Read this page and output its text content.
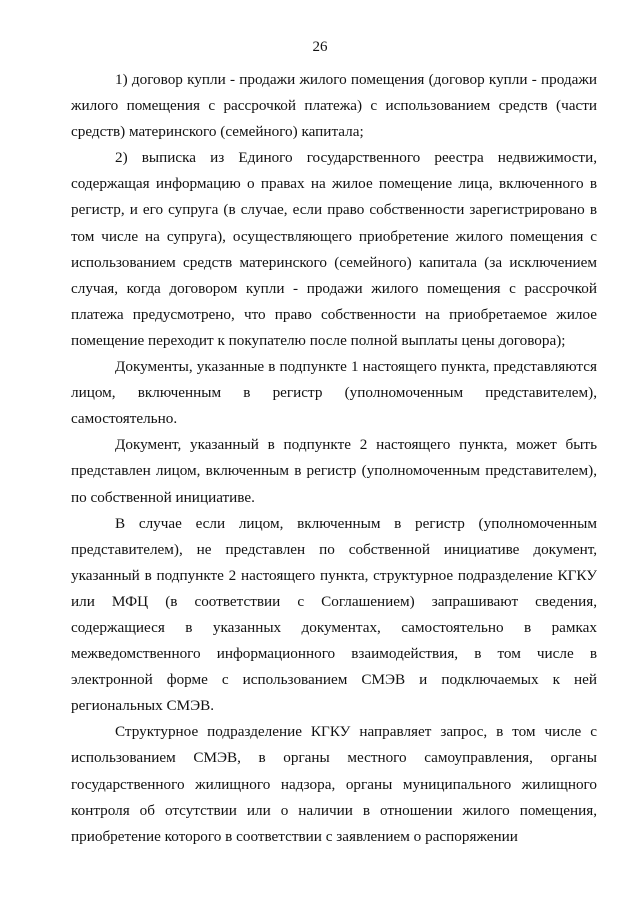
26

1) договор купли - продажи жилого помещения (договор купли - продажи жилого помещения с рассрочкой платежа) с использованием средств (части средств) материнского (семейного) капитала;

2) выписка из Единого государственного реестра недвижимости, содержащая информацию о правах на жилое помещение лица, включенного в регистр, и его супруга (в случае, если право собственности зарегистрировано в том числе на супруга), осуществляющего приобретение жилого помещения с использованием средств материнского (семейного) капитала (за исключением случая, когда договором купли - продажи жилого помещения с рассрочкой платежа предусмотрено, что право собственности на приобретаемое жилое помещение переходит к покупателю после полной выплаты цены договора);

Документы, указанные в подпункте 1 настоящего пункта, представляются лицом, включенным в регистр (уполномоченным представителем), самостоятельно.

Документ, указанный в подпункте 2 настоящего пункта, может быть представлен лицом, включенным в регистр (уполномоченным представителем), по собственной инициативе.

В случае если лицом, включенным в регистр (уполномоченным представителем), не представлен по собственной инициативе документ, указанный в подпункте 2 настоящего пункта, структурное подразделение КГКУ или МФЦ (в соответствии с Соглашением) запрашивают сведения, содержащиеся в указанных документах, самостоятельно в рамках межведомственного информационного взаимодействия, в том числе в электронной форме с использованием СМЭВ и подключаемых к ней региональных СМЭВ.

Структурное подразделение КГКУ направляет запрос, в том числе с использованием СМЭВ, в органы местного самоуправления, органы государственного жилищного надзора, органы муниципального жилищного контроля об отсутствии или о наличии в отношении жилого помещения, приобретение которого в соответствии с заявлением о распоряжении
